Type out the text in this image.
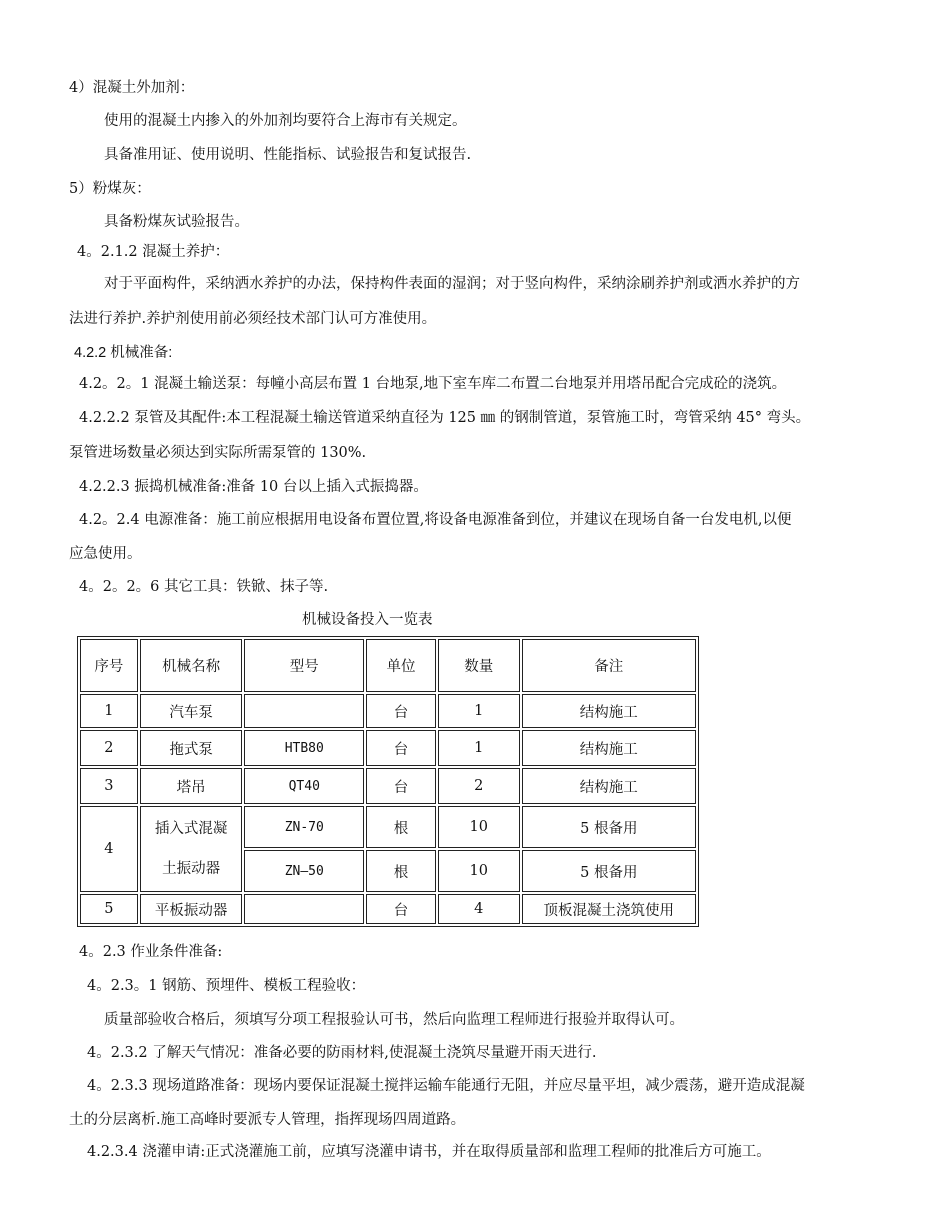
4）混凝土外加剂：
使用的混凝土内掺入的外加剂均要符合上海市有关规定。
具备准用证、使用说明、性能指标、试验报告和复试报告.
5）粉煤灰：
具备粉煤灰试验报告。
4。2.1.2 混凝土养护：
对于平面构件，采纳洒水养护的办法，保持构件表面的湿润；对于竖向构件，采纳涂刷养护剂或洒水养护的方
法进行养护.养护剂使用前必须经技术部门认可方准使用。
4.2.2 机械准备:
4.2。2。1 混凝土输送泵：每幢小高层布置 1 台地泵,地下室车库二布置二台地泵并用塔吊配合完成砼的浇筑。
4.2.2.2 泵管及其配件:本工程混凝土输送管道采纳直径为 125 ㎜ 的钢制管道，泵管施工时，弯管采纳 45° 弯头。
泵管进场数量必须达到实际所需泵管的 130%.
4.2.2.3 振捣机械准备:准备 10 台以上插入式振捣器。
4.2。2.4 电源准备：施工前应根据用电设备布置位置,将设备电源准备到位，并建议在现场自备一台发电机,以便
应急使用。
4。2。2。6 其它工具：铁锨、抹子等.
机械设备投入一览表
序号	机械名称	型号	单位	数量	备注
1	汽车泵		台	1	结构施工
2	拖式泵	HTB80	台	1	结构施工
3	塔吊	QT40	台	2	结构施工
4	插入式混凝
土振动器	ZN-70	根	10	5 根备用
		ZN—50	根	10	5 根备用
5	平板振动器		台	4	顶板混凝土浇筑使用
4。2.3 作业条件准备:
4。2.3。1 钢筋、预埋件、模板工程验收：
质量部验收合格后，须填写分项工程报验认可书，然后向监理工程师进行报验并取得认可。
4。2.3.2 了解天气情况：准备必要的防雨材料,使混凝土浇筑尽量避开雨天进行.
4。2.3.3 现场道路准备：现场内要保证混凝土搅拌运输车能通行无阻，并应尽量平坦，减少震荡，避开造成混凝
土的分层离析.施工高峰时要派专人管理，指挥现场四周道路。
4.2.3.4 浇灌申请:正式浇灌施工前，应填写浇灌申请书，并在取得质量部和监理工程师的批准后方可施工。
